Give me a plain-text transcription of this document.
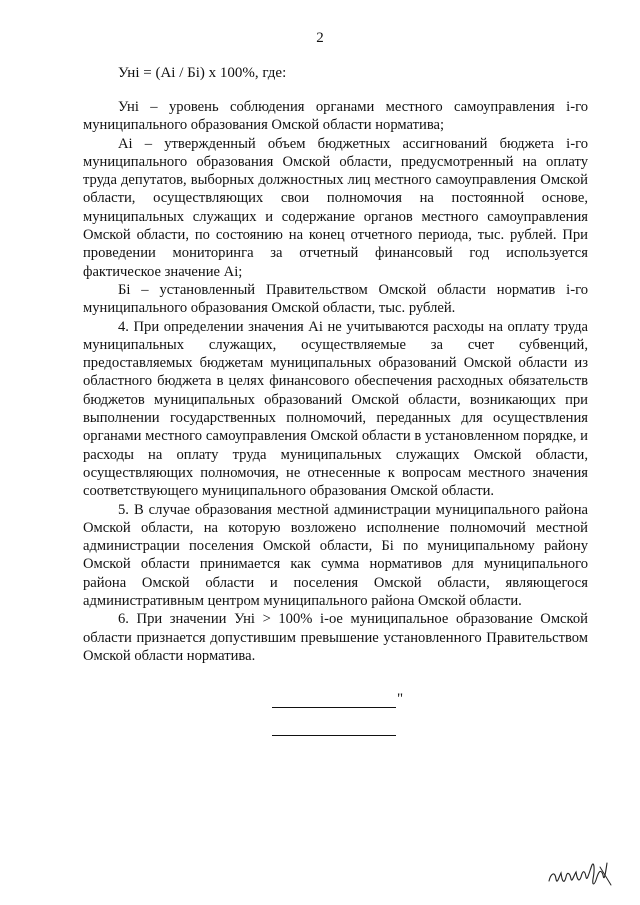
2
Уні = (Аі / Бі) х 100%, где:

Уні – уровень соблюдения органами местного самоуправления і-го муниципального образования Омской области норматива;

Аі – утвержденный объем бюджетных ассигнований бюджета і-го муниципального образования Омской области, предусмотренный на оплату труда депутатов, выборных должностных лиц местного самоуправления Омской области, осуществляющих свои полномочия на постоянной основе, муниципальных служащих и содержание органов местного самоуправления Омской области, по состоянию на конец отчетного периода, тыс. рублей. При проведении мониторинга за отчетный финансовый год используется фактическое значение Аі;

Бі – установленный Правительством Омской области норматив і-го муниципального образования Омской области, тыс. рублей.

4. При определении значения Аі не учитываются расходы на оплату труда муниципальных служащих, осуществляемые за счет субвенций, предоставляемых бюджетам муниципальных образований Омской области из областного бюджета в целях финансового обеспечения расходных обязательств бюджетов муниципальных образований Омской области, возникающих при выполнении государственных полномочий, переданных для осуществления органами местного самоуправления Омской области в установленном порядке, и расходы на оплату труда муниципальных служащих Омской области, осуществляющих полномочия, не отнесенные к вопросам местного значения соответствующего муниципального образования Омской области.

5. В случае образования местной администрации муниципального района Омской области, на которую возложено исполнение полномочий местной администрации поселения Омской области, Бі по муниципальному району Омской области принимается как сумма нормативов для муниципального района Омской области и поселения Омской области, являющегося административным центром муниципального района Омской области.

6. При значении Уні > 100% і-ое муниципальное образование Омской области признается допустившим превышение установленного Правительством Омской области норматива.

"
